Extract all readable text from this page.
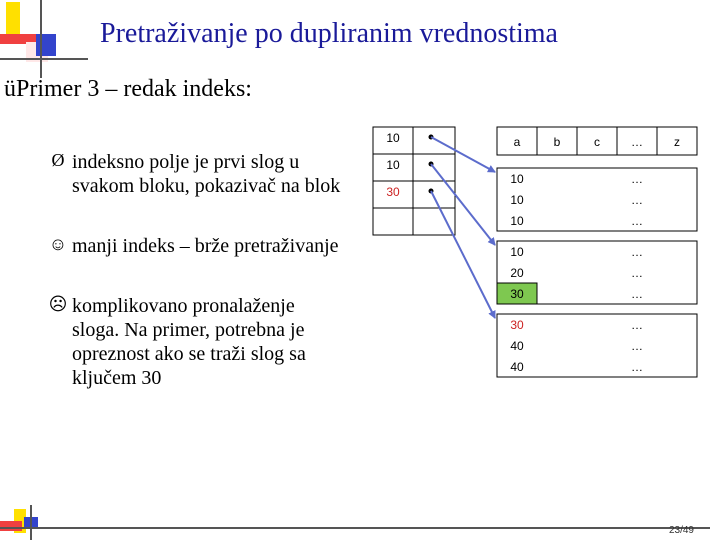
Pretraživanje po dupliranim vrednostima
üPrimer 3 – redak indeks:
Ø indeksno polje je prvi slog u
svakom bloku, pokazivač na blok
☺ manji indeks – brže pretraživanje
☹ komplikovano pronalaženje
sloga. Na primer, potrebna je
opreznost ako se traži slog sa
ključem 30
10
10
30
a	b	c	…	z
10	…
10	…
10	…
10	…
20	…
30	…
30	…
40	…
40	…
23/49
